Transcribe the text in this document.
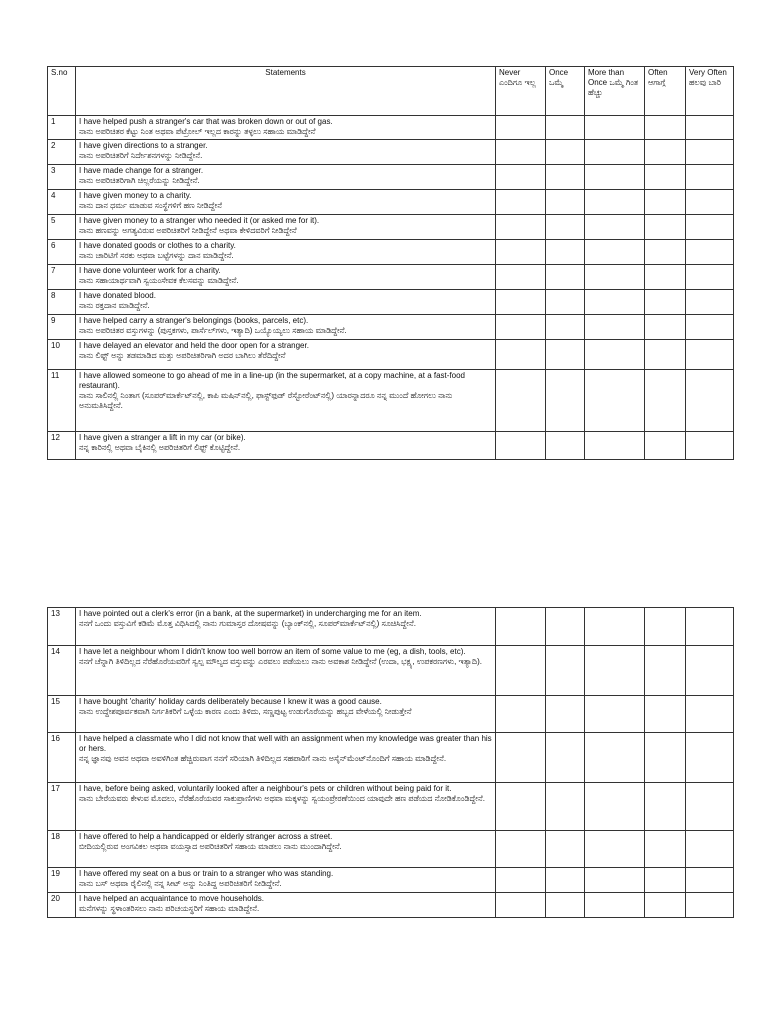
S.no	Statements	Never ಎಂದಿಗೂ ಇಲ್ಲ	Once ಒಮ್ಮೆ	More than Once ಒಮ್ಮೆ ಗಿಂತ ಹೆಚ್ಚು	Often ಆಗಾಗ್ಗೆ	Very Often ಹಲವು ಬಾರಿ
1	I have helped push a stranger's car that was broken down or out of gas.
ನಾನು ಅಪರಿಚಿತರ ಕೆಟ್ಟು ನಿಂತ ಅಥವಾ ಪೆಟ್ರೋಲ್ ಇಲ್ಲದ ಕಾರನ್ನು ತಳ್ಳಲು ಸಹಾಯ ಮಾಡಿದ್ದೇನೆ					

2	I have given directions to a stranger.
ನಾನು ಅಪರಿಚಿತರಿಗೆ ನಿರ್ದೇಶನಗಳನ್ನು ನೀಡಿದ್ದೇನೆ.					

3	I have made change for a stranger.
ನಾನು ಅಪರಿಚಿತರಿಗಾಗಿ ಚಿಲ್ಲರೆಯನ್ನು ನೀಡಿದ್ದೇನೆ.					

4	I have given money to a charity.
ನಾನು ದಾನ ಧರ್ಮ ಮಾಡುವ ಸಂಸ್ಥೆಗಳಿಗೆ ಹಣ ನೀಡಿದ್ದೇನೆ					

5	I have given money to a stranger who needed it (or asked me for it).
ನಾನು ಹಣವನ್ನು ಅಗತ್ಯವಿರುವ ಅಪರಿಚಿತರಿಗೆ ನೀಡಿದ್ದೇನೆ ಅಥವಾ ಕೇಳಿದವರಿಗೆ ನೀಡಿದ್ದೇನೆ					

6	I have donated goods or clothes to a charity.
ನಾನು ಚಾರಿಟಿಗೆ ಸರಕು ಅಥವಾ ಬಟ್ಟೆಗಳನ್ನು ದಾನ ಮಾಡಿದ್ದೇನೆ.					

7	I have done volunteer work for a charity.
ನಾನು ಸಹಾಯಾರ್ಥವಾಗಿ ಸ್ವಯಂಸೇವಕ ಕೆಲಸವನ್ನು ಮಾಡಿದ್ದೇನೆ.					

8	I have donated blood.
ನಾನು ರಕ್ತದಾನ ಮಾಡಿದ್ದೇನೆ.					

9	I have helped carry a stranger's belongings (books, parcels, etc).
ನಾನು ಅಪರಿಚಿತರ ವಸ್ತುಗಳನ್ನು (ಪುಸ್ತಕಗಳು, ಪಾರ್ಸೆಲ್‌ಗಳು, ಇತ್ಯಾದಿ) ಒಯ್ಯೊಯ್ಯಲು ಸಹಾಯ ಮಾಡಿದ್ದೇನೆ.					

10	I have delayed an elevator and held the door open for a stranger.
ನಾನು ಲಿಫ್ಟ್ ಅನ್ನು ತಡಮಾಡಿದ ಮತ್ತು ಅಪರಿಚಿತರಿಗಾಗಿ ಅದರ ಬಾಗಿಲು ತೆರೆದಿದ್ದೇನೆ					

11	I have allowed someone to go ahead of me in a line-up (in the supermarket, at a copy machine, at a fast-food restaurant).
ನಾನು ಸಾಲಿನಲ್ಲಿ ನಿಂತಾಗ (ಸೂಪರ್‌ಮಾರ್ಕೆಟ್‌ನಲ್ಲಿ, ಕಾಪಿ ಮಷಿನ್‌ನಲ್ಲಿ, ಫಾಸ್ಟ್‌ಫುಡ್ ರೆಸ್ಟೋರೆಂಟ್‌ನಲ್ಲಿ) ಯಾರನ್ನಾದರೂ ನನ್ನ ಮುಂದೆ ಹೋಗಲು ನಾನು ಅನುಮತಿಸಿದ್ದೇನೆ.					

12	I have given a stranger a lift in my car (or bike).
ನನ್ನ ಕಾರಿನಲ್ಲಿ ಅಥವಾ ಬೈಕಿನಲ್ಲಿ ಅಪರಿಚಿತರಿಗೆ ಲಿಫ್ಟ್ ಕೊಟ್ಟಿದ್ದೇನೆ.					

13	I have pointed out a clerk's error (in a bank, at the supermarket) in undercharging me for an item.
ನನಗೆ ಒಂದು ವಸ್ತುವಿಗೆ ಕಡಿಮೆ ಮೊತ್ತ ವಿಧಿಸಿದಲ್ಲಿ ನಾನು ಗುಮಾಸ್ತರ ದೋಷವನ್ನು (ಬ್ಯಾಂಕ್‌ನಲ್ಲಿ, ಸೂಪರ್‌ಮಾರ್ಕೆಟ್‌ನಲ್ಲಿ) ಸೂಚಿಸಿದ್ದೇನೆ.					

14	I have let a neighbour whom I didn't know too well borrow an item of some value to me (eg, a dish, tools, etc).
ನನಗೆ ಚೆನ್ನಾಗಿ ತಿಳಿದಿಲ್ಲದ ನೆರೆಹೊರೆಯವರಿಗೆ ಸ್ವಲ್ಪ ಮೌಲ್ಯದ ವಸ್ತುವನ್ನು ಎರವಲು ಪಡೆಯಲು ನಾನು ಅವಕಾಶ ನೀಡಿದ್ದೇನೆ (ಉದಾ, ಭಕ್ಷ್ಯ, ಉಪಕರಣಗಳು, ಇತ್ಯಾದಿ).					

15	I have bought 'charity' holiday cards deliberately because I knew it was a good cause.
ನಾನು ಉದ್ದೇಶಪೂರ್ವಕವಾಗಿ ನಿರ್ಗತಿಕರಿಗೆ ಒಳ್ಳೆಯ ಕಾರಣ ಎಂದು ತಿಳಿದು, ಸಣ್ಣಪುಟ್ಟ ಉಡುಗೊರೆಯನ್ನು ಹಬ್ಬದ ವೇಳೆಯಲ್ಲಿ ನೀಡುತ್ತೇನೆ					

16	I have helped a classmate who I did not know that well with an assignment when my knowledge was greater than his or hers.
ನನ್ನ ಜ್ಞಾನವು ಅವನ ಅಥವಾ ಅವಳಿಗಿಂತ ಹೆಚ್ಚಿರುವಾಗ ನನಗೆ ಸರಿಯಾಗಿ ತಿಳಿದಿಲ್ಲದ ಸಹಪಾಠಿಗೆ ನಾನು ಅಸೈನ್‌ಮೆಂಟ್‌ನೊಂದಿಗೆ ಸಹಾಯ ಮಾಡಿದ್ದೇನೆ.					

17	I have, before being asked, voluntarily looked after a neighbour's pets or children without being paid for it.
ನಾನು ಬೇರೆಯವರು ಕೇಳುವ ಮೊದಲು, ನೆರೆಹೊರೆಯವರ ಸಾಕುಪ್ರಾಣಿಗಳು ಅಥವಾ ಮಕ್ಕಳನ್ನು ಸ್ವಯಂಪ್ರೇರಣೆಯಿಂದ ಯಾವುದೇ ಹಣ ಪಡೆಯದ ನೋಡಿಕೊಂಡಿದ್ದೇನೆ.					

18	I have offered to help a handicapped or elderly stranger across a street.
ಬೀದಿಯಲ್ಲಿರುವ ಅಂಗವಿಕಲ ಅಥವಾ ವಯಸ್ಸಾದ ಅಪರಿಚಿತರಿಗೆ ಸಹಾಯ ಮಾಡಲು ನಾನು ಮುಂದಾಗಿದ್ದೇನೆ.					

19	I have offered my seat on a bus or train to a stranger who was standing.
ನಾನು ಬಸ್ ಅಥವಾ ರೈಲಿನಲ್ಲಿ ನನ್ನ ಸೀಟ್ ಅನ್ನು ನಿಂತಿದ್ದ ಅಪರಿಚಿತರಿಗೆ ನೀಡಿದ್ದೇನೆ.					

20	I have helped an acquaintance to move households.
ಮನೆಗಳನ್ನು ಸ್ಥಳಾಂತರಿಸಲು ನಾನು ಪರಿಚಯಸ್ಥರಿಗೆ ಸಹಾಯ ಮಾಡಿದ್ದೇನೆ.					
